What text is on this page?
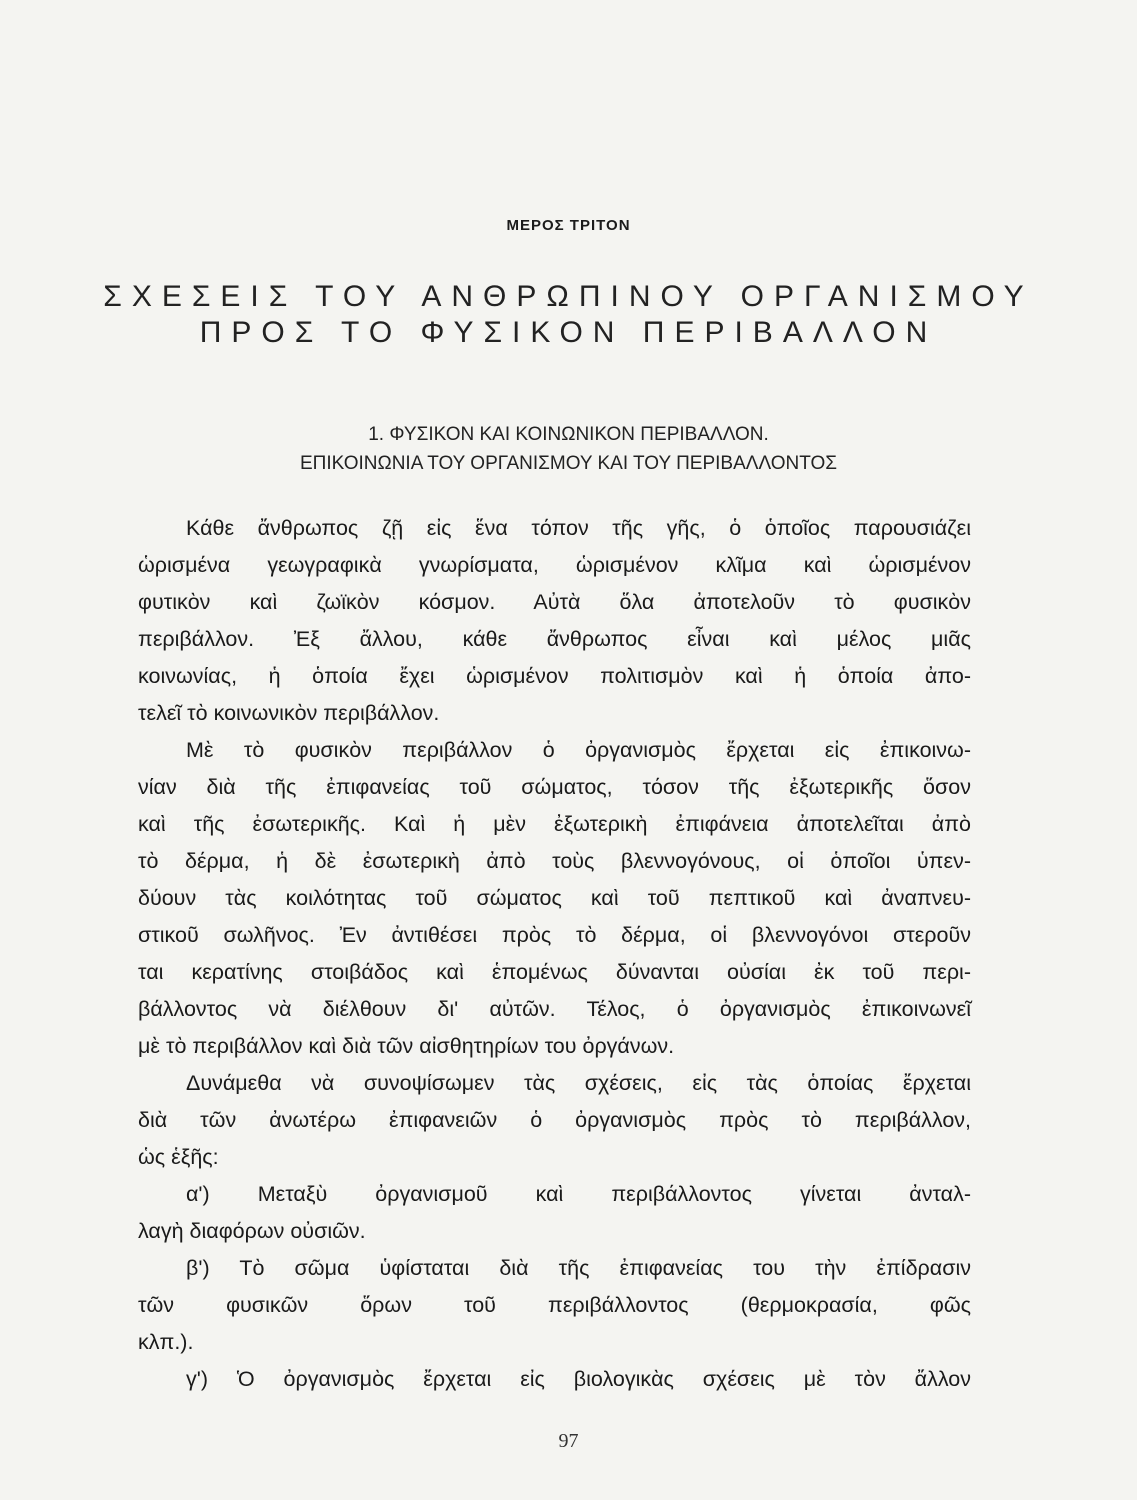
ΜΕΡΟΣ ΤΡΙΤΟΝ
ΣΧΕΣΕΙΣ ΤΟΥ ΑΝΘΡΩΠΙΝΟΥ ΟΡΓΑΝΙΣΜΟΥ
ΠΡΟΣ ΤΟ ΦΥΣΙΚΟΝ ΠΕΡΙΒΑΛΛΟΝ
1. ΦΥΣΙΚΟΝ ΚΑΙ ΚΟΙΝΩΝΙΚΟΝ ΠΕΡΙΒΑΛΛΟΝ.
ΕΠΙΚΟΙΝΩΝΙΑ ΤΟΥ ΟΡΓΑΝΙΣΜΟΥ ΚΑΙ ΤΟΥ ΠΕΡΙΒΑΛΛΟΝΤΟΣ
Κάθε ἄνθρωπος ζῇ εἰς ἕνα τόπον τῆς γῆς, ὁ ὁποῖος παρουσιάζει
ὡρισμένα γεωγραφικὰ γνωρίσματα, ὡρισμένον κλῖμα καὶ ὡρισμένον
φυτικὸν καὶ ζωϊκὸν κόσμον. Αὐτὰ ὅλα ἀποτελοῦν τὸ φυσικὸν
περιβάλλον. Ἐξ ἄλλου, κάθε ἄνθρωπος εἶναι καὶ μέλος μιᾶς
κοινωνίας, ἡ ὁποία ἔχει ὡρισμένον πολιτισμὸν καὶ ἡ ὁποία ἀπο-
τελεῖ τὸ κοινωνικὸν περιβάλλον.
Μὲ τὸ φυσικὸν περιβάλλον ὁ ὀργανισμὸς ἔρχεται εἰς ἐπικοινω-
νίαν διὰ τῆς ἐπιφανείας τοῦ σώματος, τόσον τῆς ἐξωτερικῆς ὅσον
καὶ τῆς ἐσωτερικῆς. Καὶ ἡ μὲν ἐξωτερικὴ ἐπιφάνεια ἀποτελεῖται ἀπὸ
τὸ δέρμα, ἡ δὲ ἐσωτερικὴ ἀπὸ τοὺς βλεννογόνους, οἱ ὁποῖοι ὑπεν-
δύουν τὰς κοιλότητας τοῦ σώματος καὶ τοῦ πεπτικοῦ καὶ ἀναπνευ-
στικοῦ σωλῆνος. Ἐν ἀντιθέσει πρὸς τὸ δέρμα, οἱ βλεννογόνοι στεροῦν
ται κερατίνης στοιβάδος καὶ ἑπομένως δύνανται οὐσίαι ἐκ τοῦ περι-
βάλλοντος νὰ διέλθουν δι' αὐτῶν. Τέλος, ὁ ὀργανισμὸς ἐπικοινωνεῖ
μὲ τὸ περιβάλλον καὶ διὰ τῶν αἰσθητηρίων του ὀργάνων.
Δυνάμεθα νὰ συνοψίσωμεν τὰς σχέσεις, εἰς τὰς ὁποίας ἔρχεται
διὰ τῶν ἀνωτέρω ἐπιφανειῶν ὁ ὀργανισμὸς πρὸς τὸ περιβάλλον,
ὡς ἑξῆς:
α') Μεταξὺ ὀργανισμοῦ καὶ περιβάλλοντος γίνεται ἀνταλ-
λαγὴ διαφόρων οὐσιῶν.
β') Τὸ σῶμα ὑφίσταται διὰ τῆς ἐπιφανείας του τὴν ἐπίδρασιν
τῶν φυσικῶν ὅρων τοῦ περιβάλλοντος (θερμοκρασία, φῶς
κλπ.).
γ') Ὁ ὀργανισμὸς ἔρχεται εἰς βιολογικὰς σχέσεις μὲ τὸν ἄλλον
97
